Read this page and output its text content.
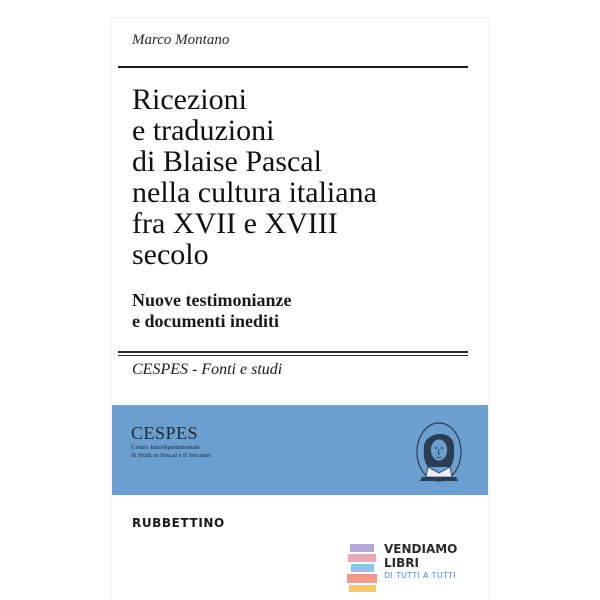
Marco Montano
Ricezioni
e traduzioni
di Blaise Pascal
nella cultura italiana
fra XVII e XVIII
secolo
Nuove testimonianze
e documenti inediti
CESPES - Fonti e studi
CESPES
Centro Interdipartimentale
di Studi su Pascal e il Seicento
RUBBETTINO
VENDIAMO
LIBRI
DI TUTTI A TUTTI
